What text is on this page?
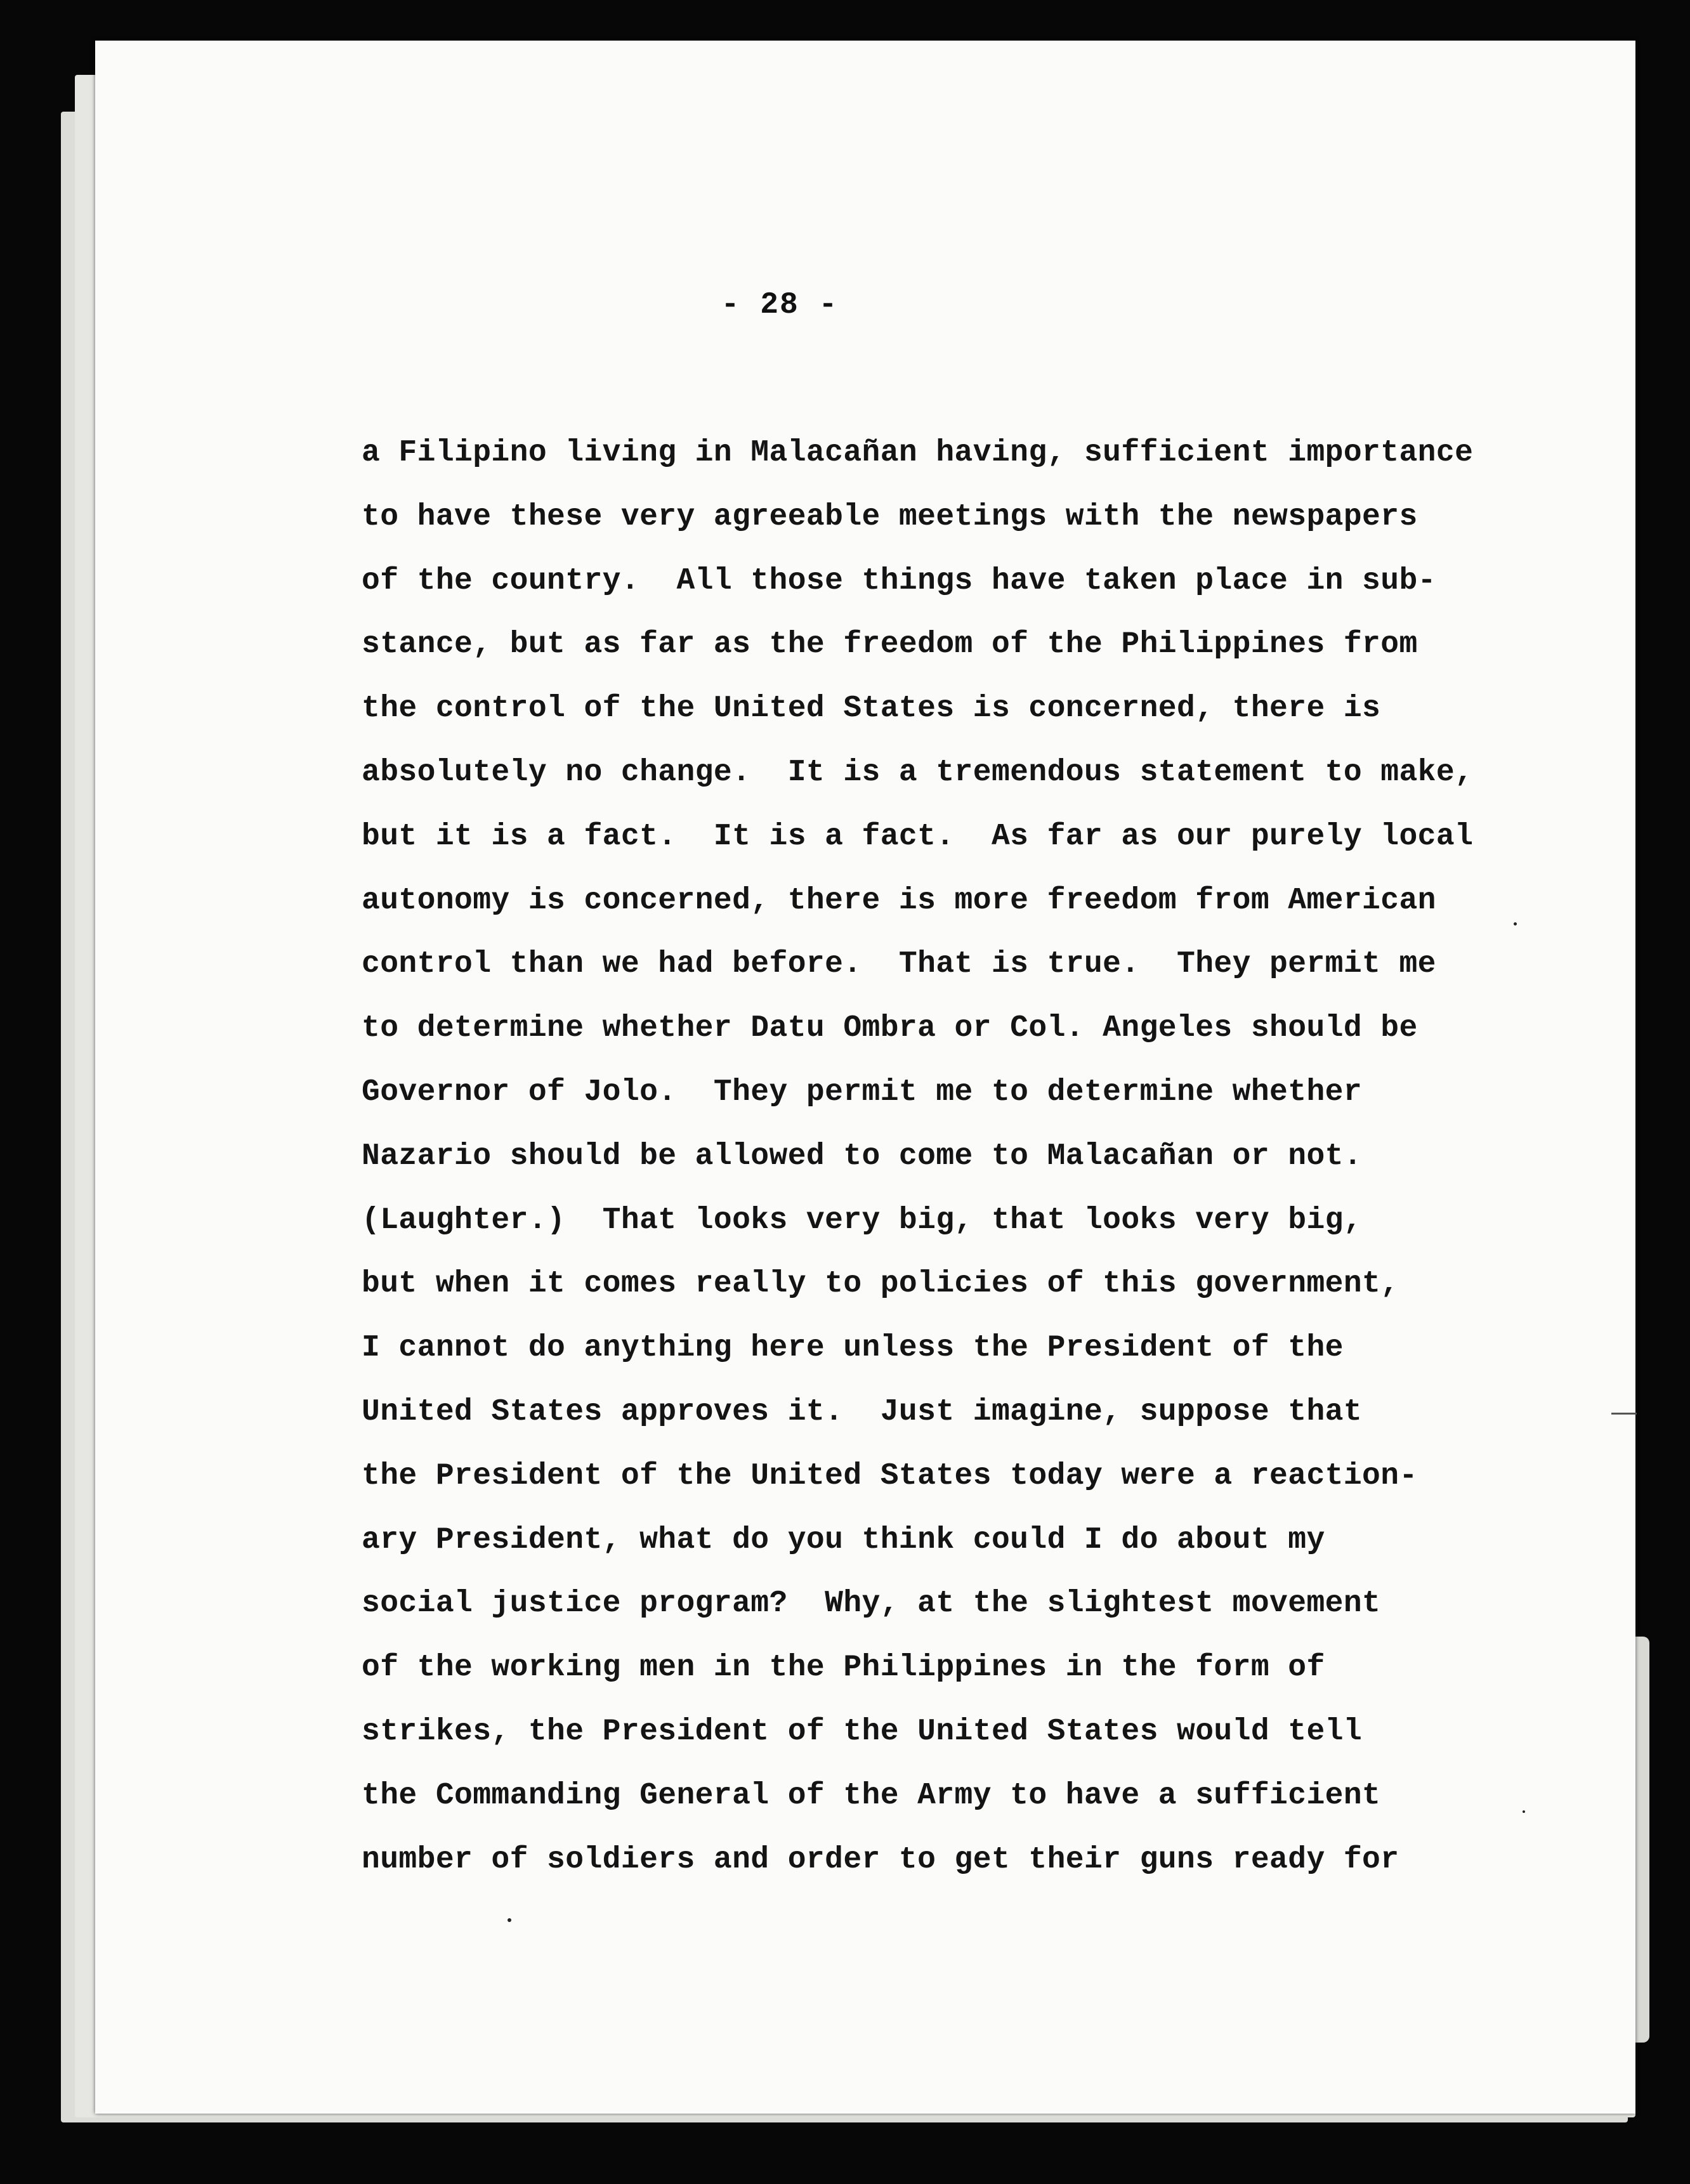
- 28 -
a Filipino living in Malacañan having, sufficient importance
to have these very agreeable meetings with the newspapers
of the country.  All those things have taken place in sub-
stance, but as far as the freedom of the Philippines from
the control of the United States is concerned, there is
absolutely no change.  It is a tremendous statement to make,
but it is a fact.  It is a fact.  As far as our purely local
autonomy is concerned, there is more freedom from American
control than we had before.  That is true.  They permit me
to determine whether Datu Ombra or Col. Angeles should be
Governor of Jolo.  They permit me to determine whether
Nazario should be allowed to come to Malacañan or not.
(Laughter.)  That looks very big, that looks very big,
but when it comes really to policies of this government,
I cannot do anything here unless the President of the
United States approves it.  Just imagine, suppose that
the President of the United States today were a reaction-
ary President, what do you think could I do about my
social justice program?  Why, at the slightest movement
of the working men in the Philippines in the form of
strikes, the President of the United States would tell
the Commanding General of the Army to have a sufficient
number of soldiers and order to get their guns ready for
